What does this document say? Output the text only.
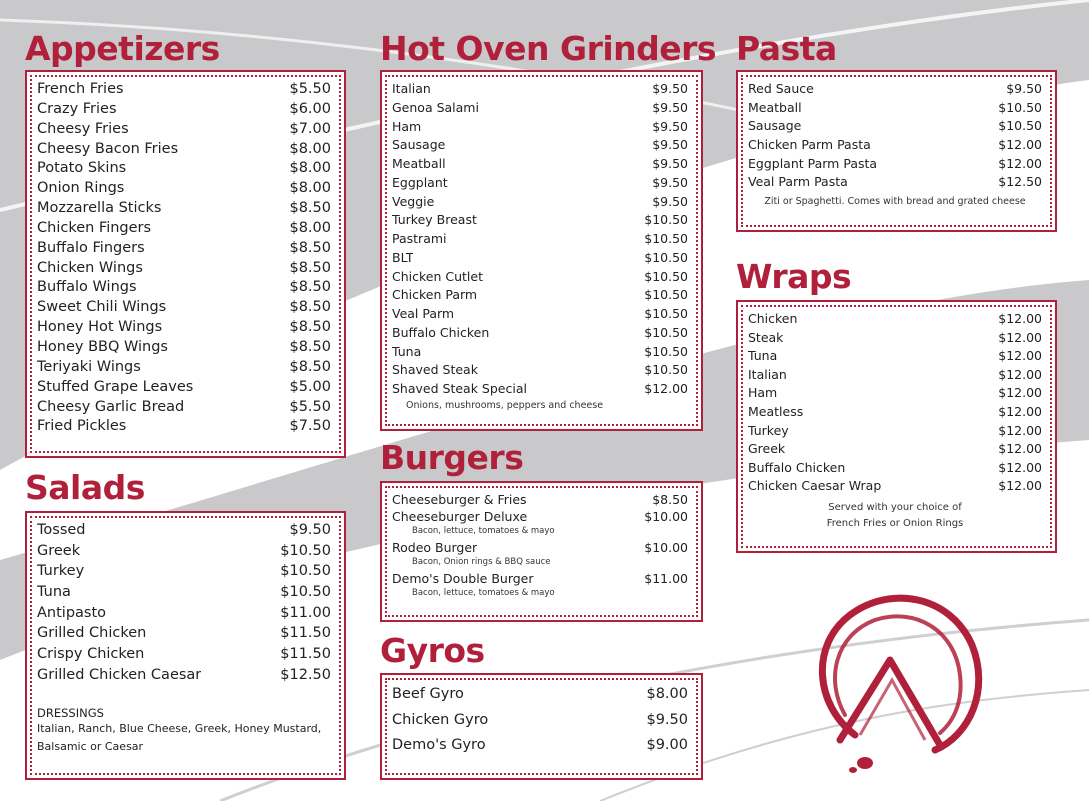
Appetizers
French Fries	$5.50
Crazy Fries	$6.00
Cheesy Fries	$7.00
Cheesy Bacon Fries	$8.00
Potato Skins	$8.00
Onion Rings	$8.00
Mozzarella Sticks	$8.50
Chicken Fingers	$8.00
Buffalo Fingers	$8.50
Chicken Wings	$8.50
Buffalo Wings	$8.50
Sweet Chili Wings	$8.50
Honey Hot Wings	$8.50
Honey BBQ Wings	$8.50
Teriyaki Wings	$8.50
Stuffed Grape Leaves	$5.00
Cheesy Garlic Bread	$5.50
Fried Pickles	$7.50
Salads
Tossed	$9.50
Greek	$10.50
Turkey	$10.50
Tuna	$10.50
Antipasto	$11.00
Grilled Chicken	$11.50
Crispy Chicken	$11.50
Grilled Chicken Caesar	$12.50
DRESSINGS
Italian, Ranch, Blue Cheese, Greek, Honey Mustard, Balsamic or Caesar
Hot Oven Grinders
Italian	$9.50
Genoa Salami	$9.50
Ham	$9.50
Sausage	$9.50
Meatball	$9.50
Eggplant	$9.50
Veggie	$9.50
Turkey Breast	$10.50
Pastrami	$10.50
BLT	$10.50
Chicken Cutlet	$10.50
Chicken Parm	$10.50
Veal Parm	$10.50
Buffalo Chicken	$10.50
Tuna	$10.50
Shaved Steak	$10.50
Shaved Steak Special	$12.00
Onions, mushrooms, peppers and cheese
Burgers
Cheeseburger & Fries	$8.50
Cheeseburger Deluxe	$10.00
Bacon, lettuce, tomatoes & mayo
Rodeo Burger	$10.00
Bacon, Onion rings & BBQ sauce
Demo's Double Burger	$11.00
Bacon, lettuce, tomatoes & mayo
Gyros
Beef Gyro	$8.00
Chicken Gyro	$9.50
Demo's Gyro	$9.00
Pasta
Red Sauce	$9.50
Meatball	$10.50
Sausage	$10.50
Chicken Parm Pasta	$12.00
Eggplant Parm Pasta	$12.00
Veal Parm Pasta	$12.50
Ziti or Spaghetti. Comes with bread and grated cheese
Wraps
Chicken	$12.00
Steak	$12.00
Tuna	$12.00
Italian	$12.00
Ham	$12.00
Meatless	$12.00
Turkey	$12.00
Greek	$12.00
Buffalo Chicken	$12.00
Chicken Caesar Wrap	$12.00
Served with your choice of
French Fries or Onion Rings
